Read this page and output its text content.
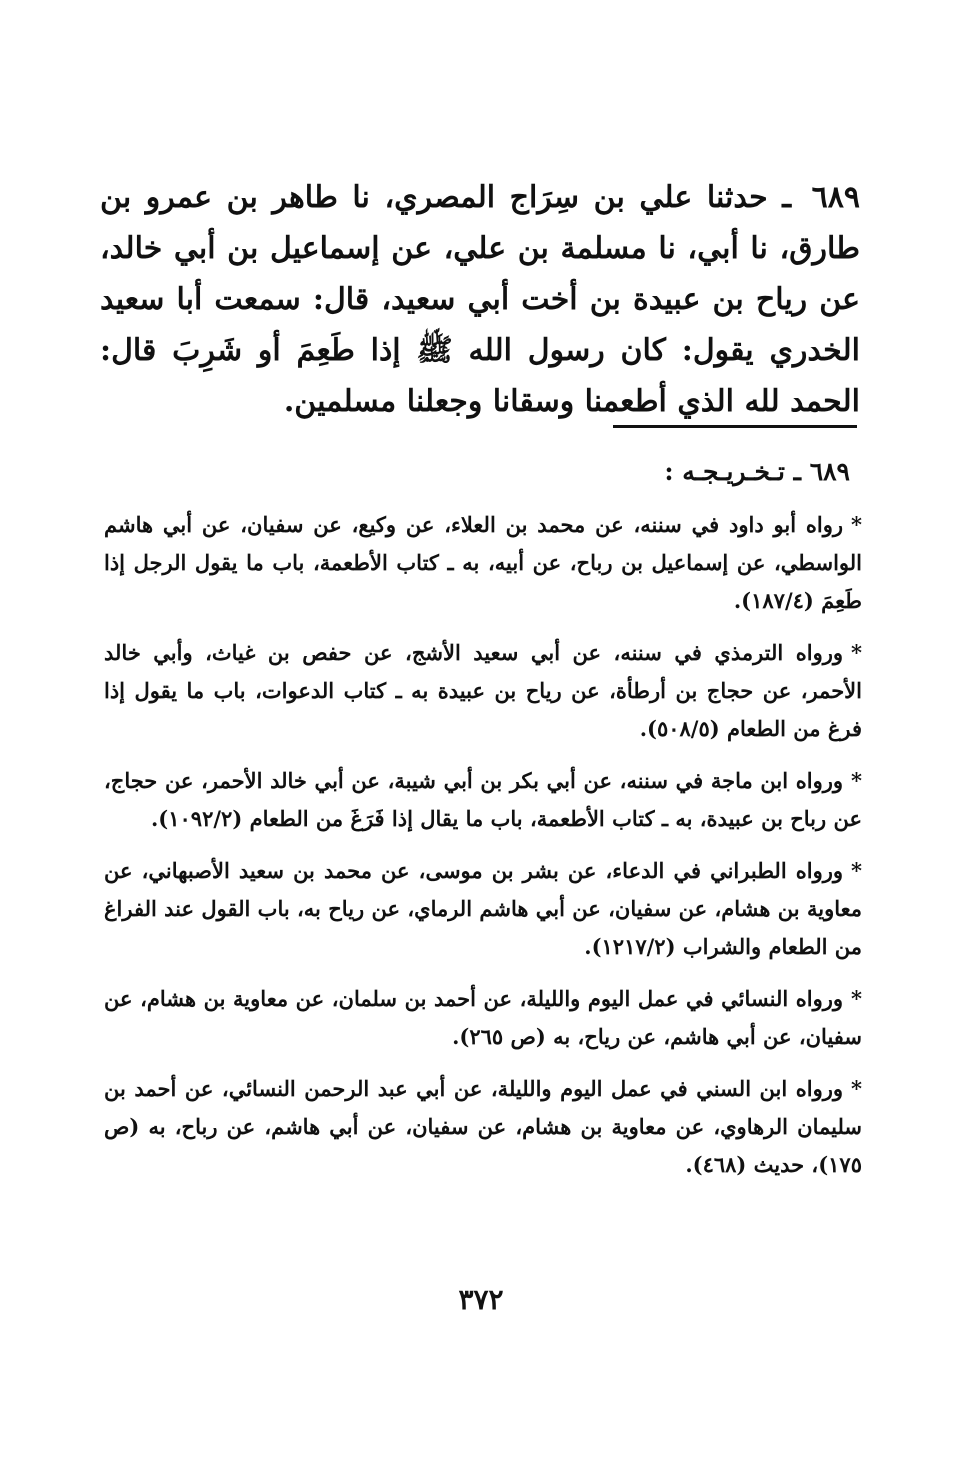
٦٨٩ ـ حدثنا علي بن سِرَاج المصري، نا طاهر بن عمرو بن طارق، نا أبي، نا مسلمة بن علي، عن إسماعيل بن أبي خالد، عن رياح بن عبيدة بن أخت أبي سعيد، قال: سمعت أبا سعيد الخدري يقول: كان رسول الله ﷺ إذا طَعِمَ أو شَرِبَ قال: الحمد لله الذي أطعمنا وسقانا وجعلنا مسلمين.

٦٨٩ ـ تـخـريـجـه :
*رواه أبو داود في سننه، عن محمد بن العلاء، عن وكيع، عن سفيان، عن أبي هاشم الواسطي، عن إسماعيل بن رباح، عن أبيه، به ـ كتاب الأطعمة، باب ما يقول الرجل إذا طَعِمَ (١٨٧/٤).
*ورواه الترمذي في سننه، عن أبي سعيد الأشج، عن حفص بن غياث، وأبي خالد الأحمر، عن حجاج بن أرطأة، عن رياح بن عبيدة به ـ كتاب الدعوات، باب ما يقول إذا فرغ من الطعام (٥٠٨/٥).
*ورواه ابن ماجة في سننه، عن أبي بكر بن أبي شيبة، عن أبي خالد الأحمر، عن حجاج، عن رباح بن عبيدة، به ـ كتاب الأطعمة، باب ما يقال إذا فَرَغَ من الطعام (١٠٩٢/٢).
*ورواه الطبراني في الدعاء، عن بشر بن موسى، عن محمد بن سعيد الأصبهاني، عن معاوية بن هشام، عن سفيان، عن أبي هاشم الرماي، عن رياح به، باب القول عند الفراغ من الطعام والشراب (١٢١٧/٢).
*ورواه النسائي في عمل اليوم والليلة، عن أحمد بن سلمان، عن معاوية بن هشام، عن سفيان، عن أبي هاشم، عن رياح، به (ص ٢٦٥).
*ورواه ابن السني في عمل اليوم والليلة، عن أبي عبد الرحمن النسائي، عن أحمد بن سليمان الرهاوي، عن معاوية بن هشام، عن سفيان، عن أبي هاشم، عن رباح، به (ص ١٧٥)، حديث (٤٦٨).
٣٧٢
